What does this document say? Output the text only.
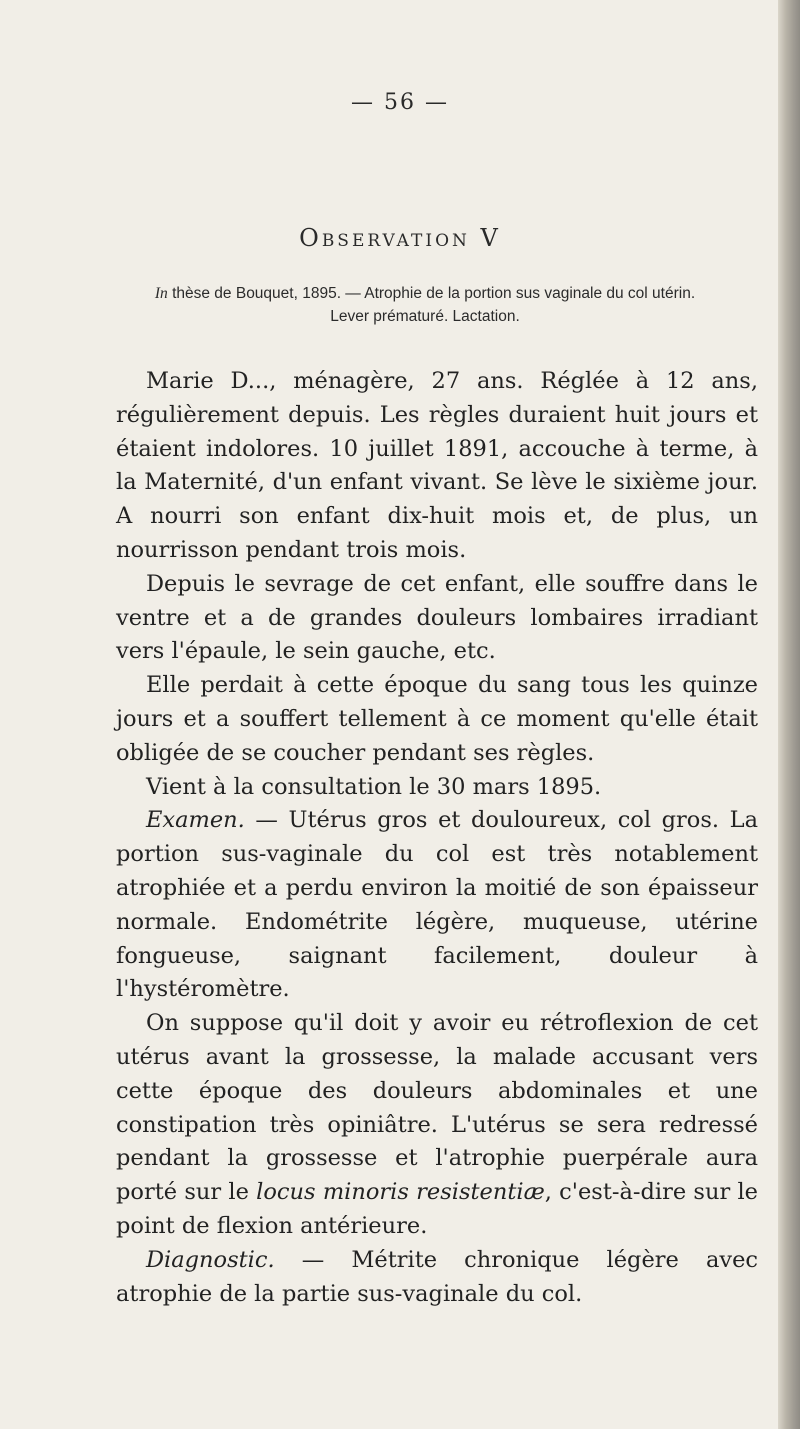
— 56 —
Observation V
In thèse de Bouquet, 1895. — Atrophie de la portion sus vaginale du col utérin.
Lever prématuré. Lactation.

Marie D..., ménagère, 27 ans. Réglée à 12 ans, régulièrement depuis. Les règles duraient huit jours et étaient indolores. 10 juillet 1891, accouche à terme, à la Maternité, d'un enfant vivant. Se lève le sixième jour. A nourri son enfant dix-huit mois et, de plus, un nourrisson pendant trois mois.

Depuis le sevrage de cet enfant, elle souffre dans le ventre et a de grandes douleurs lombaires irradiant vers l'épaule, le sein gauche, etc.

Elle perdait à cette époque du sang tous les quinze jours et a souffert tellement à ce moment qu'elle était obligée de se coucher pendant ses règles.

Vient à la consultation le 30 mars 1895.

Examen. — Utérus gros et douloureux, col gros. La portion sus-vaginale du col est très notablement atrophiée et a perdu environ la moitié de son épaisseur normale. Endométrite légère, muqueuse, utérine fongueuse, saignant facilement, douleur à l'hystéromètre.

On suppose qu'il doit y avoir eu rétroflexion de cet utérus avant la grossesse, la malade accusant vers cette époque des douleurs abdominales et une constipation très opiniâtre. L'utérus se sera redressé pendant la grossesse et l'atrophie puerpérale aura porté sur le locus minoris resistentiæ, c'est-à-dire sur le point de flexion antérieure.

Diagnostic. — Métrite chronique légère avec atrophie de la partie sus-vaginale du col.
